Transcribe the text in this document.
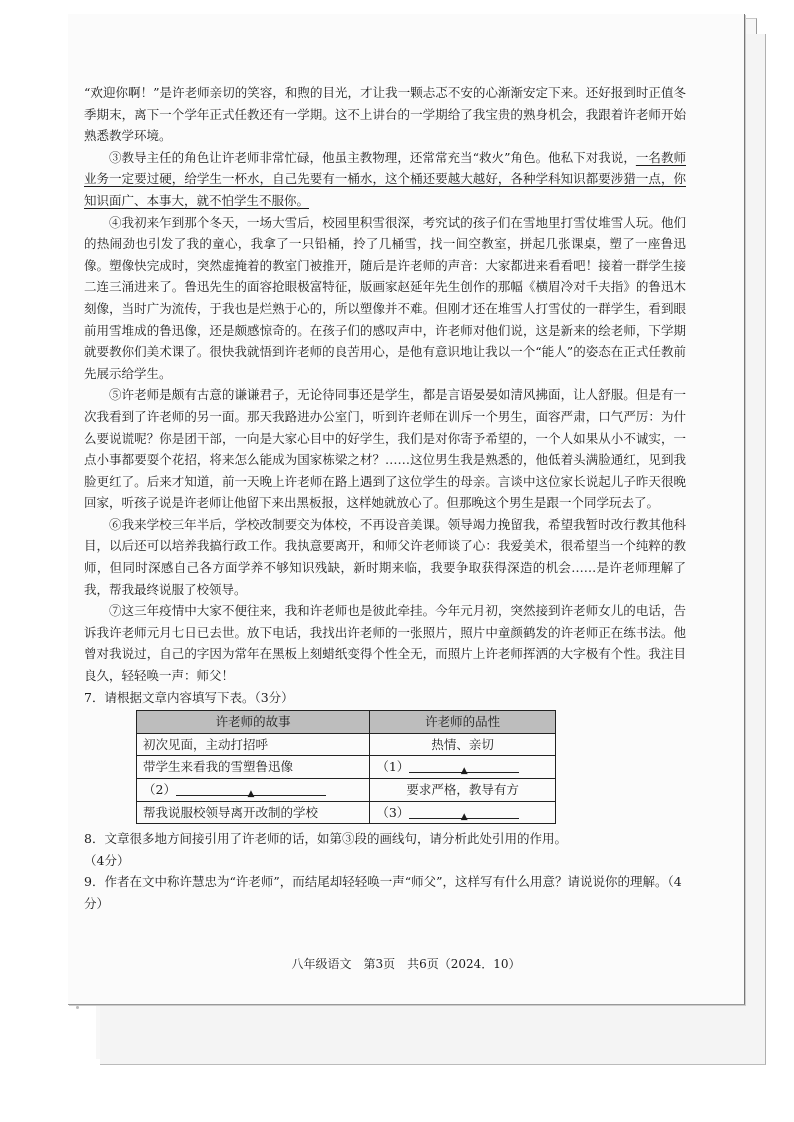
八年级语文　第3页　共6页（2024．10）

“欢迎你啊！”是许老师亲切的笑容，和煦的目光，才让我一颗忐忑不安的心渐渐安定下来。还好报到时正值冬季期末，离下一个学年正式任教还有一学期。这不上讲台的一学期给了我宝贵的熟身机会，我跟着许老师开始熟悉教学环境。

③教导主任的角色让许老师非常忙碌，他虽主教物理，还常常充当“救火”角色。他私下对我说，一名教师业务一定要过硬，给学生一杯水，自己先要有一桶水，这个桶还要越大越好，各种学科知识都要涉猎一点，你知识面广、本事大，就不怕学生不服你。

④我初来乍到那个冬天，一场大雪后，校园里积雪很深，考究试的孩子们在雪地里打雪仗堆雪人玩。他们的热闹劲也引发了我的童心，我拿了一只铅桶，拎了几桶雪，找一间空教室，拼起几张课桌，塑了一座鲁迅像。塑像快完成时，突然虚掩着的教室门被推开，随后是许老师的声音：大家都进来看看吧！接着一群学生接二连三涌进来了。鲁迅先生的面容抢眼极富特征，版画家赵延年先生创作的那幅《横眉冷对千夫指》的鲁迅木刻像，当时广为流传，于我也是烂熟于心的，所以塑像并不难。但刚才还在堆雪人打雪仗的一群学生，看到眼前用雪堆成的鲁迅像，还是颇感惊奇的。在孩子们的感叹声中，许老师对他们说，这是新来的绘老师，下学期就要教你们美术课了。很快我就悟到许老师的良苦用心，是他有意识地让我以一个“能人”的姿态在正式任教前先展示给学生。

⑤许老师是颇有古意的谦谦君子，无论待同事还是学生，都是言语晏晏如清风拂面，让人舒服。但是有一次我看到了许老师的另一面。那天我路进办公室门，听到许老师在训斥一个男生，面容严肃，口气严厉：为什么要说谎呢？你是团干部，一向是大家心目中的好学生，我们是对你寄予希望的，一个人如果从小不诚实，一点小事都要耍个花招，将来怎么能成为国家栋梁之材？……这位男生我是熟悉的，他低着头满脸通红，见到我脸更红了。后来才知道，前一天晚上许老师在路上遇到了这位学生的母亲。言谈中这位家长说起儿子昨天很晚回家，听孩子说是许老师让他留下来出黑板报，这样她就放心了。但那晚这个男生是跟一个同学玩去了。

⑥我来学校三年半后，学校改制要交为体校，不再设音美课。领导竭力挽留我，希望我暂时改行教其他科目，以后还可以培养我搞行政工作。我执意要离开，和师父许老师谈了心：我爱美术，很希望当一个纯粹的教师，但同时深感自己各方面学养不够知识残缺，新时期来临，我要争取获得深造的机会……是许老师理解了我，帮我最终说服了校领导。

⑦这三年疫情中大家不便往来，我和许老师也是彼此牵挂。今年元月初，突然接到许老师女儿的电话，告诉我许老师元月七日已去世。放下电话，我找出许老师的一张照片，照片中童颜鹤发的许老师正在练书法。他曾对我说过，自己的字因为常年在黑板上刻蜡纸变得个性全无，而照片上许老师挥洒的大字极有个性。我注目良久，轻轻唤一声：师父！

7．请根据文章内容填写下表。（3分）

许老师的故事	许老师的品性
初次见面，主动打招呼	热情、亲切
带学生来看我的雪塑鲁迅像	（1） ▲
（2） ▲	要求严格，教导有方
帮我说服校领导离开改制的学校	（3） ▲

8．文章很多地方间接引用了许老师的话，如第③段的画线句，请分析此处引用的作用。

（4分）

9．作者在文中称许慧忠为“许老师”，而结尾却轻轻唤一声“师父”，这样写有什么用意？请说说你的理解。（4分）
